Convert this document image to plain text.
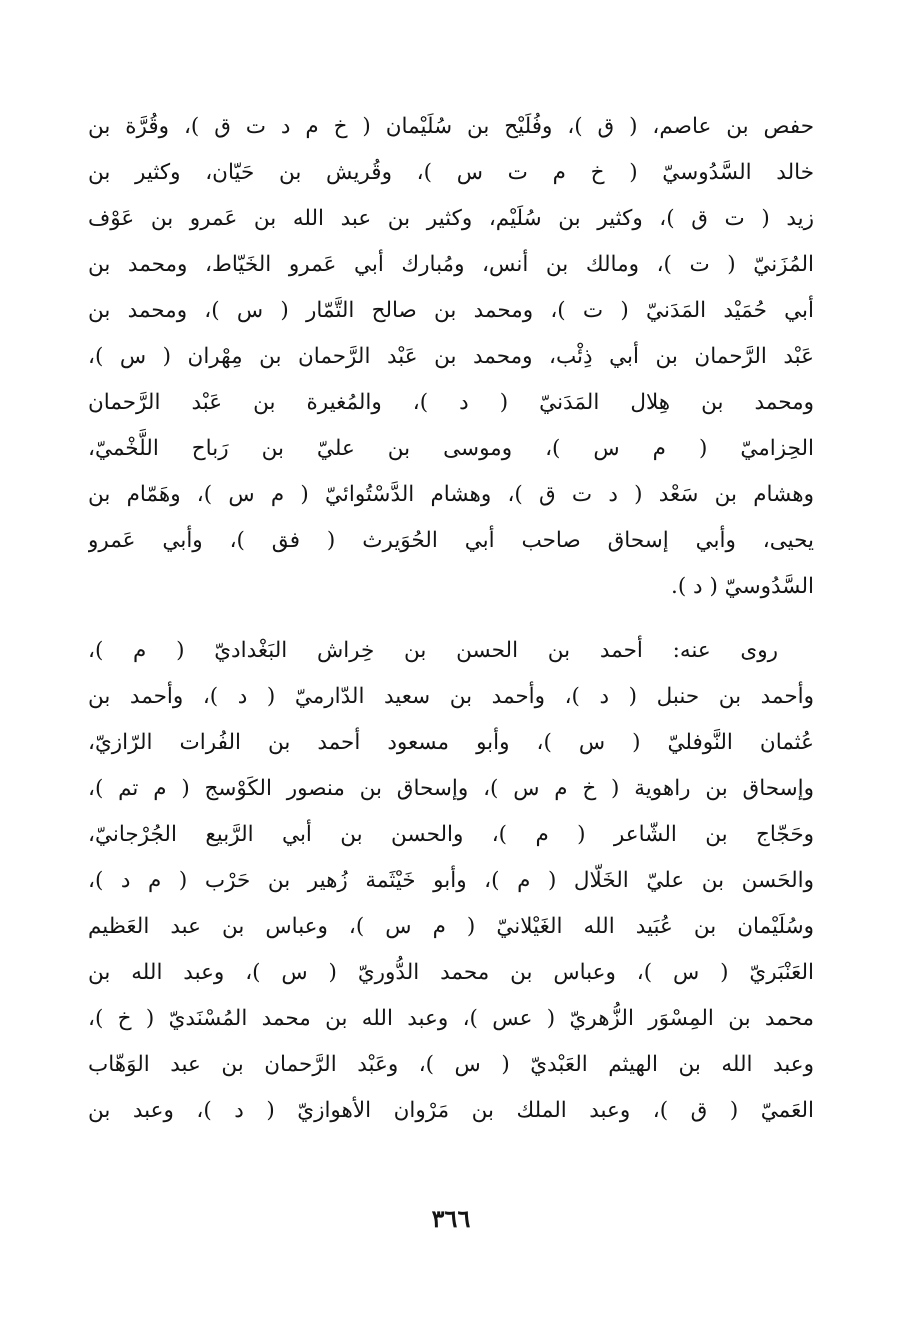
حفص بن عاصم، ( ق )، وفُلَيْح بن سُلَيْمان ( خ م د ت ق )، وقُرَّة بن
خالد السَّدُوسيّ ( خ م ت س )، وقُريش بن حَيّان، وكثير بن
زيد ( ت ق )، وكثير بن سُلَيْم، وكثير بن عبد الله بن عَمرو بن عَوْف
المُزَنيّ ( ت )، ومالك بن أنس، ومُبارك أبي عَمرو الخَيّاط، ومحمد بن
أبي حُمَيْد المَدَنيّ ( ت )، ومحمد بن صالح التَّمّار ( س )، ومحمد بن
عَبْد الرَّحمان بن أبي ذِئْب، ومحمد بن عَبْد الرَّحمان بن مِهْران ( س )،
ومحمد بن هِلال المَدَنيّ ( د )، والمُغيرة بن عَبْد الرَّحمان
الحِزاميّ ( م س )، وموسى بن عليّ بن رَباح اللَّخْميّ،
وهشام بن سَعْد ( د ت ق )، وهشام الدَّسْتُوائيّ ( م س )، وهَمّام بن
يحيى، وأبي إسحاق صاحب أبي الحُوَيرث ( فق )، وأبي عَمرو
السَّدُوسيّ ( د ).
روى عنه: أحمد بن الحسن بن خِراش البَغْداديّ ( م )،
وأحمد بن حنبل ( د )، وأحمد بن سعيد الدّارميّ ( د )، وأحمد بن
عُثمان النَّوفليّ ( س )، وأبو مسعود أحمد بن الفُرات الرّازيّ،
وإسحاق بن راهوية ( خ م س )، وإسحاق بن منصور الكَوْسج ( م تم )،
وحَجّاج بن الشّاعر ( م )، والحسن بن أبي الرَّبيع الجُرْجانيّ،
والحَسن بن عليّ الخَلّال ( م )، وأبو خَيْثَمة زُهير بن حَرْب ( م د )،
وسُلَيْمان بن عُبَيد الله الغَيْلانيّ ( م س )، وعباس بن عبد العَظيم
العَنْبَريّ ( س )، وعباس بن محمد الدُّوريّ ( س )، وعبد الله بن
محمد بن المِسْوَر الزُّهريّ ( عس )، وعبد الله بن محمد المُسْنَديّ ( خ )،
وعبد الله بن الهيثم العَبْديّ ( س )، وعَبْد الرَّحمان بن عبد الوَهّاب
العَميّ ( ق )، وعبد الملك بن مَرْوان الأهوازيّ ( د )، وعبد بن
٣٦٦
